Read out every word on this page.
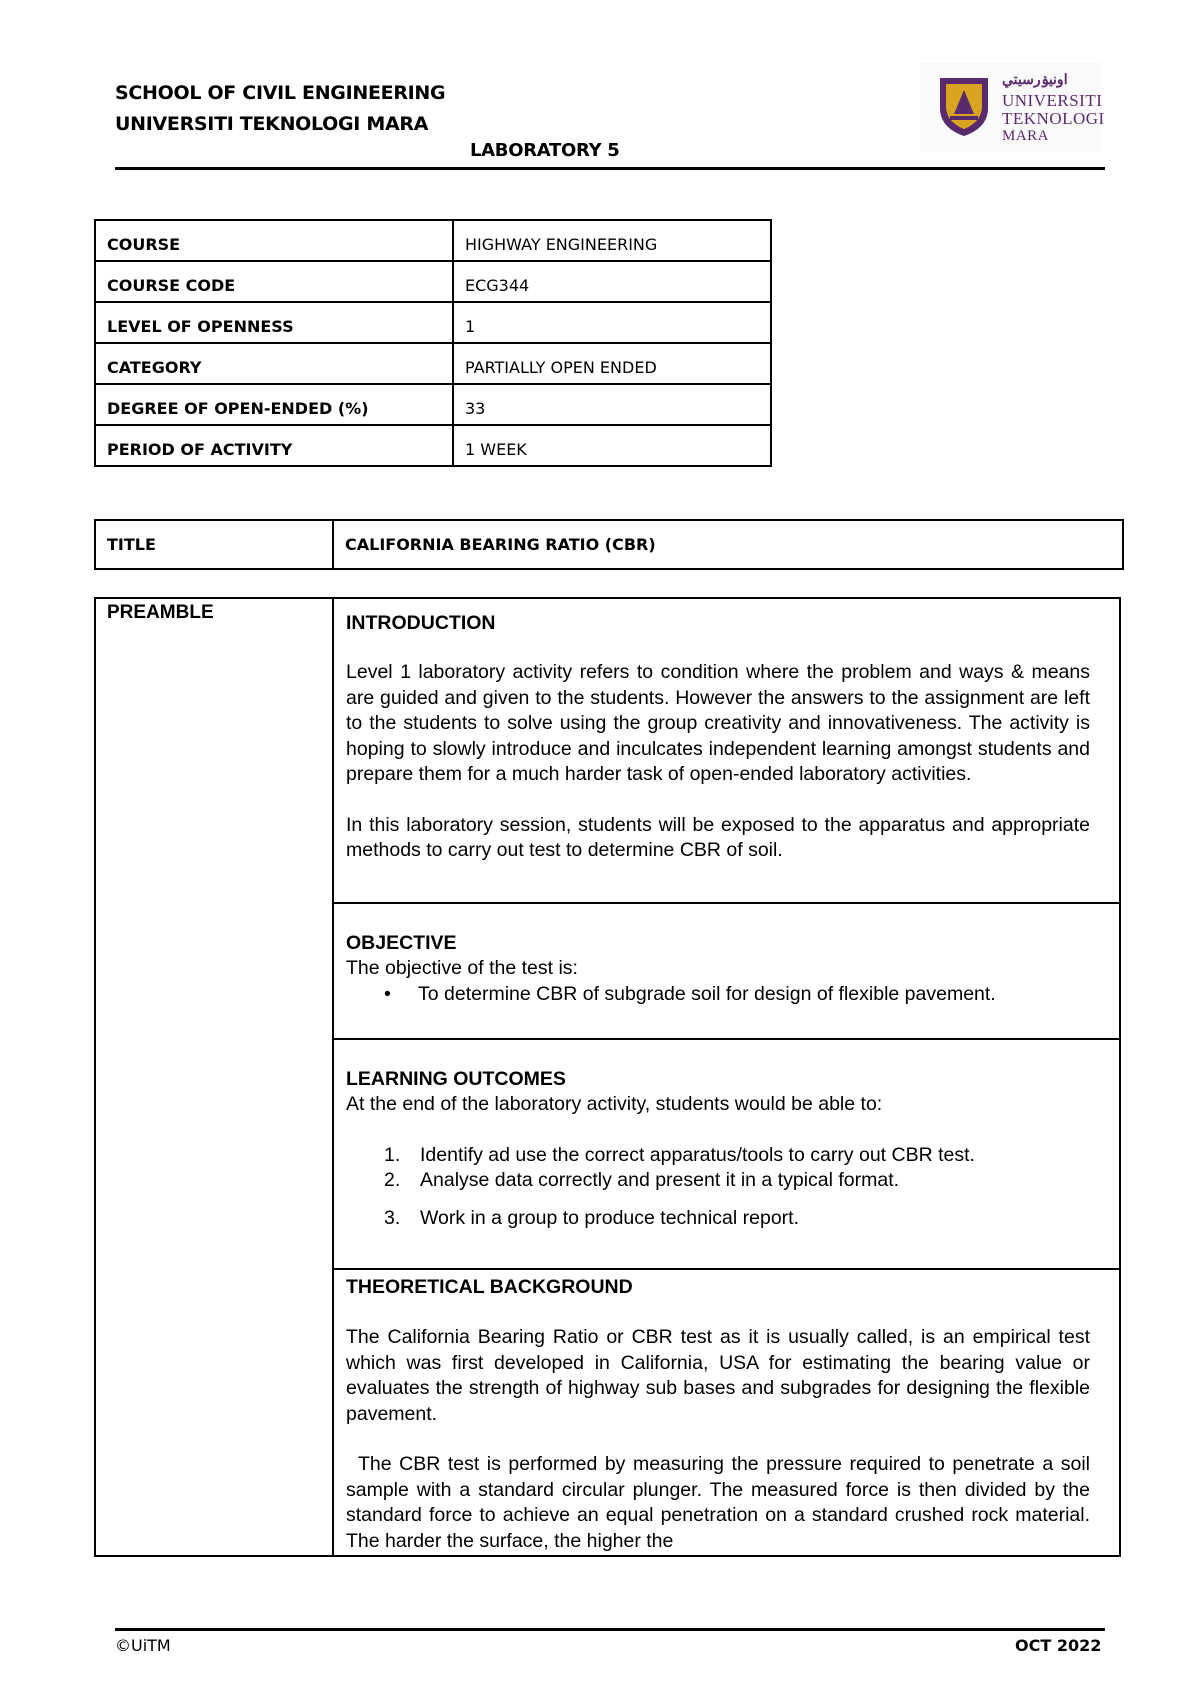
SCHOOL OF CIVIL ENGINEERING
UNIVERSITI TEKNOLOGI MARA
LABORATORY 5
اونيۏرسيتي
UNIVERSITI
TEKNOLOGI
MARA
COURSE	HIGHWAY ENGINEERING
COURSE CODE	ECG344
LEVEL OF OPENNESS	1
CATEGORY	PARTIALLY OPEN ENDED
DEGREE OF OPEN-ENDED (%)	33
PERIOD OF ACTIVITY	1 WEEK
TITLE	CALIFORNIA BEARING RATIO (CBR)
PREAMBLE	INTRODUCTION

Level 1 laboratory activity refers to condition where the problem and ways & means are guided and given to the students. However the answers to the assignment are left to the students to solve using the group creativity and innovativeness. The activity is hoping to slowly introduce and inculcates independent learning amongst students and prepare them for a much harder task of open-ended laboratory activities.

In this laboratory session, students will be exposed to the apparatus and appropriate methods to carry out test to determine CBR of soil.

OBJECTIVE
The objective of the test is:
• To determine CBR of subgrade soil for design of flexible pavement.
LEARNING OUTCOMES
At the end of the laboratory activity, students would be able to:
1. Identify ad use the correct apparatus/tools to carry out CBR test.
2. Analyse data correctly and present it in a typical format.
3. Work in a group to produce technical report.
THEORETICAL BACKGROUND

The California Bearing Ratio or CBR test as it is usually called, is an empirical test which was first developed in California, USA for estimating the bearing value or evaluates the strength of highway sub bases and subgrades for designing the flexible pavement.

The CBR test is performed by measuring the pressure required to penetrate a soil sample with a standard circular plunger. The measured force is then divided by the standard force to achieve an equal penetration on a standard crushed rock material. The harder the surface, the higher the

©UiTM	OCT 2022
